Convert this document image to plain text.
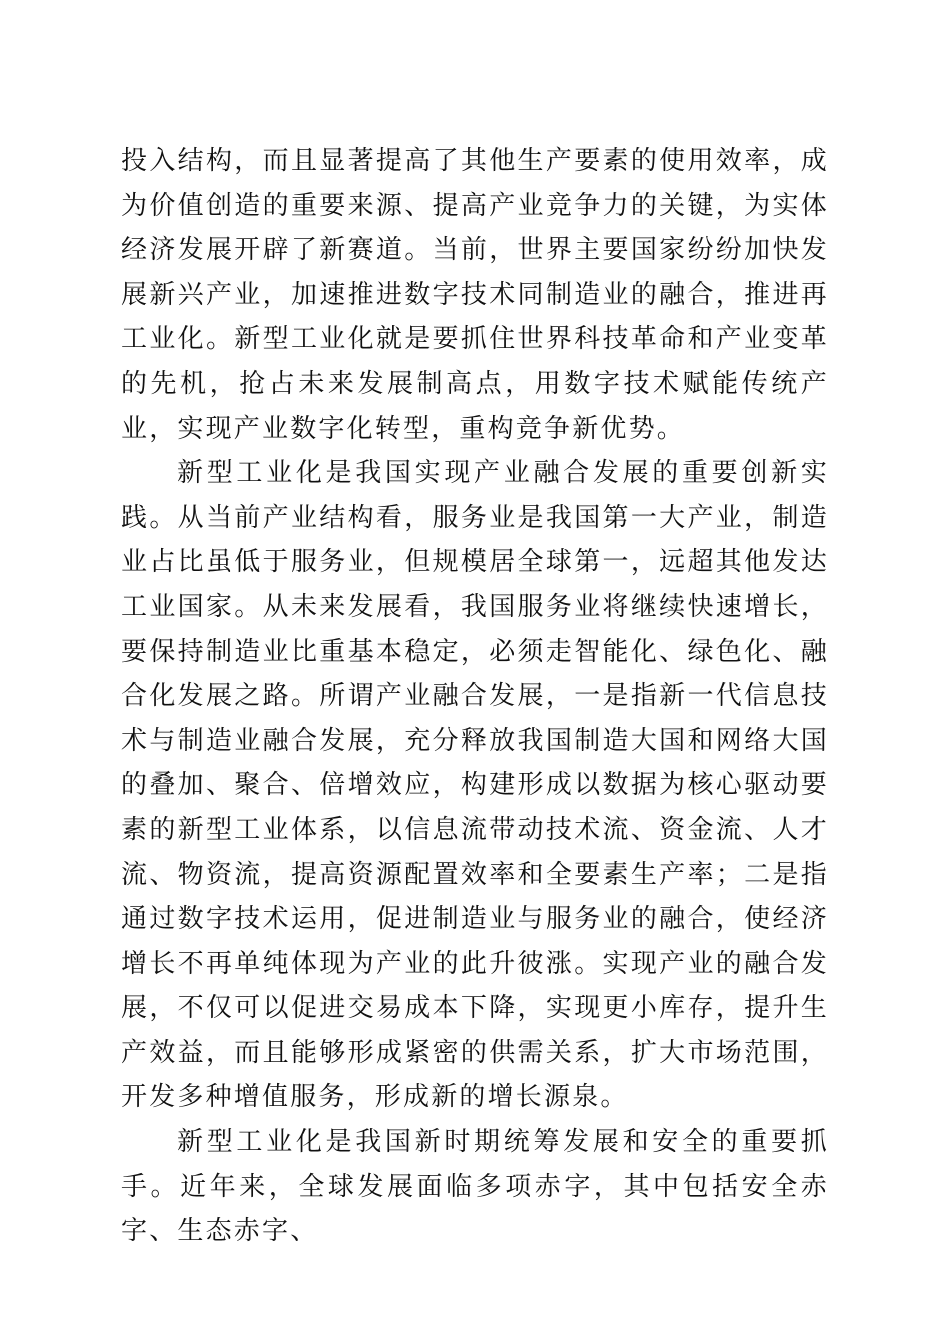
投入结构，而且显著提高了其他生产要素的使用效率，成为价值创造的重要来源、提高产业竞争力的关键，为实体经济发展开辟了新赛道。当前，世界主要国家纷纷加快发展新兴产业，加速推进数字技术同制造业的融合，推进再工业化。新型工业化就是要抓住世界科技革命和产业变革的先机，抢占未来发展制高点，用数字技术赋能传统产业，实现产业数字化转型，重构竞争新优势。

新型工业化是我国实现产业融合发展的重要创新实践。从当前产业结构看，服务业是我国第一大产业，制造业占比虽低于服务业，但规模居全球第一，远超其他发达工业国家。从未来发展看，我国服务业将继续快速增长，要保持制造业比重基本稳定，必须走智能化、绿色化、融合化发展之路。所谓产业融合发展，一是指新一代信息技术与制造业融合发展，充分释放我国制造大国和网络大国的叠加、聚合、倍增效应，构建形成以数据为核心驱动要素的新型工业体系，以信息流带动技术流、资金流、人才流、物资流，提高资源配置效率和全要素生产率；二是指通过数字技术运用，促进制造业与服务业的融合，使经济增长不再单纯体现为产业的此升彼涨。实现产业的融合发展，不仅可以促进交易成本下降，实现更小库存，提升生产效益，而且能够形成紧密的供需关系，扩大市场范围，开发多种增值服务，形成新的增长源泉。

新型工业化是我国新时期统筹发展和安全的重要抓手。近年来，全球发展面临多项赤字，其中包括安全赤字、生态赤字、
